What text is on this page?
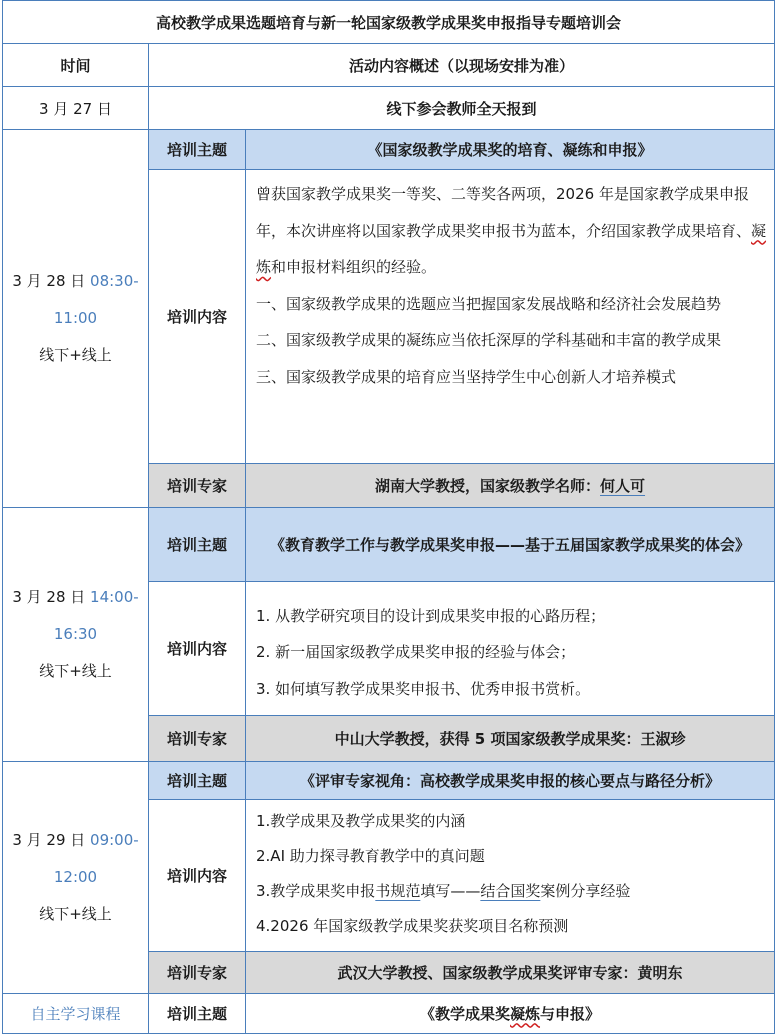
高校教学成果选题培育与新一轮国家级教学成果奖申报指导专题培训会		
时间	活动内容概述（以现场安排为准）	
3 月 27 日	线下参会教师全天报到	

3 月 28 日 08:30-
11:00
线下+线上	培训主题	《国家级教学成果奖的培育、凝练和申报》
	培训内容	曾获国家教学成果奖一等奖、二等奖各两项，2026 年是国家教学成果申报年，本次讲座将以国家教学成果奖申报书为蓝本，介绍国家教学成果培育、凝炼和申报材料组织的经验。

一、国家级教学成果的选题应当把握国家发展战略和经济社会发展趋势

二、国家级教学成果的凝练应当依托深厚的学科基础和丰富的教学成果

三、国家级教学成果的培育应当坚持学生中心创新人才培养模式

	培训专家	湖南大学教授，国家级教学名师：何人可

3 月 28 日 14:00-
16:30
线下+线上	培训主题	《教育教学工作与教学成果奖申报——基于五届国家教学成果奖的体会》
	培训内容	1. 从教学研究项目的设计到成果奖申报的心路历程；

2. 新一届国家级教学成果奖申报的经验与体会；

3. 如何填写教学成果奖申报书、优秀申报书赏析。

	培训专家	中山大学教授，获得 5 项国家级教学成果奖：王淑珍

3 月 29 日 09:00-
12:00
线下+线上	培训主题	《评审专家视角：高校教学成果奖申报的核心要点与路径分析》
	培训内容	1.教学成果及教学成果奖的内涵

2.AI 助力探寻教育教学中的真问题

3.教学成果奖申报书规范填写——结合国奖案例分享经验

4.2026 年国家级教学成果奖获奖项目名称预测

	培训专家	武汉大学教授、国家级教学成果奖评审专家：黄明东
自主学习课程	培训主题	《教学成果奖凝炼与申报》
